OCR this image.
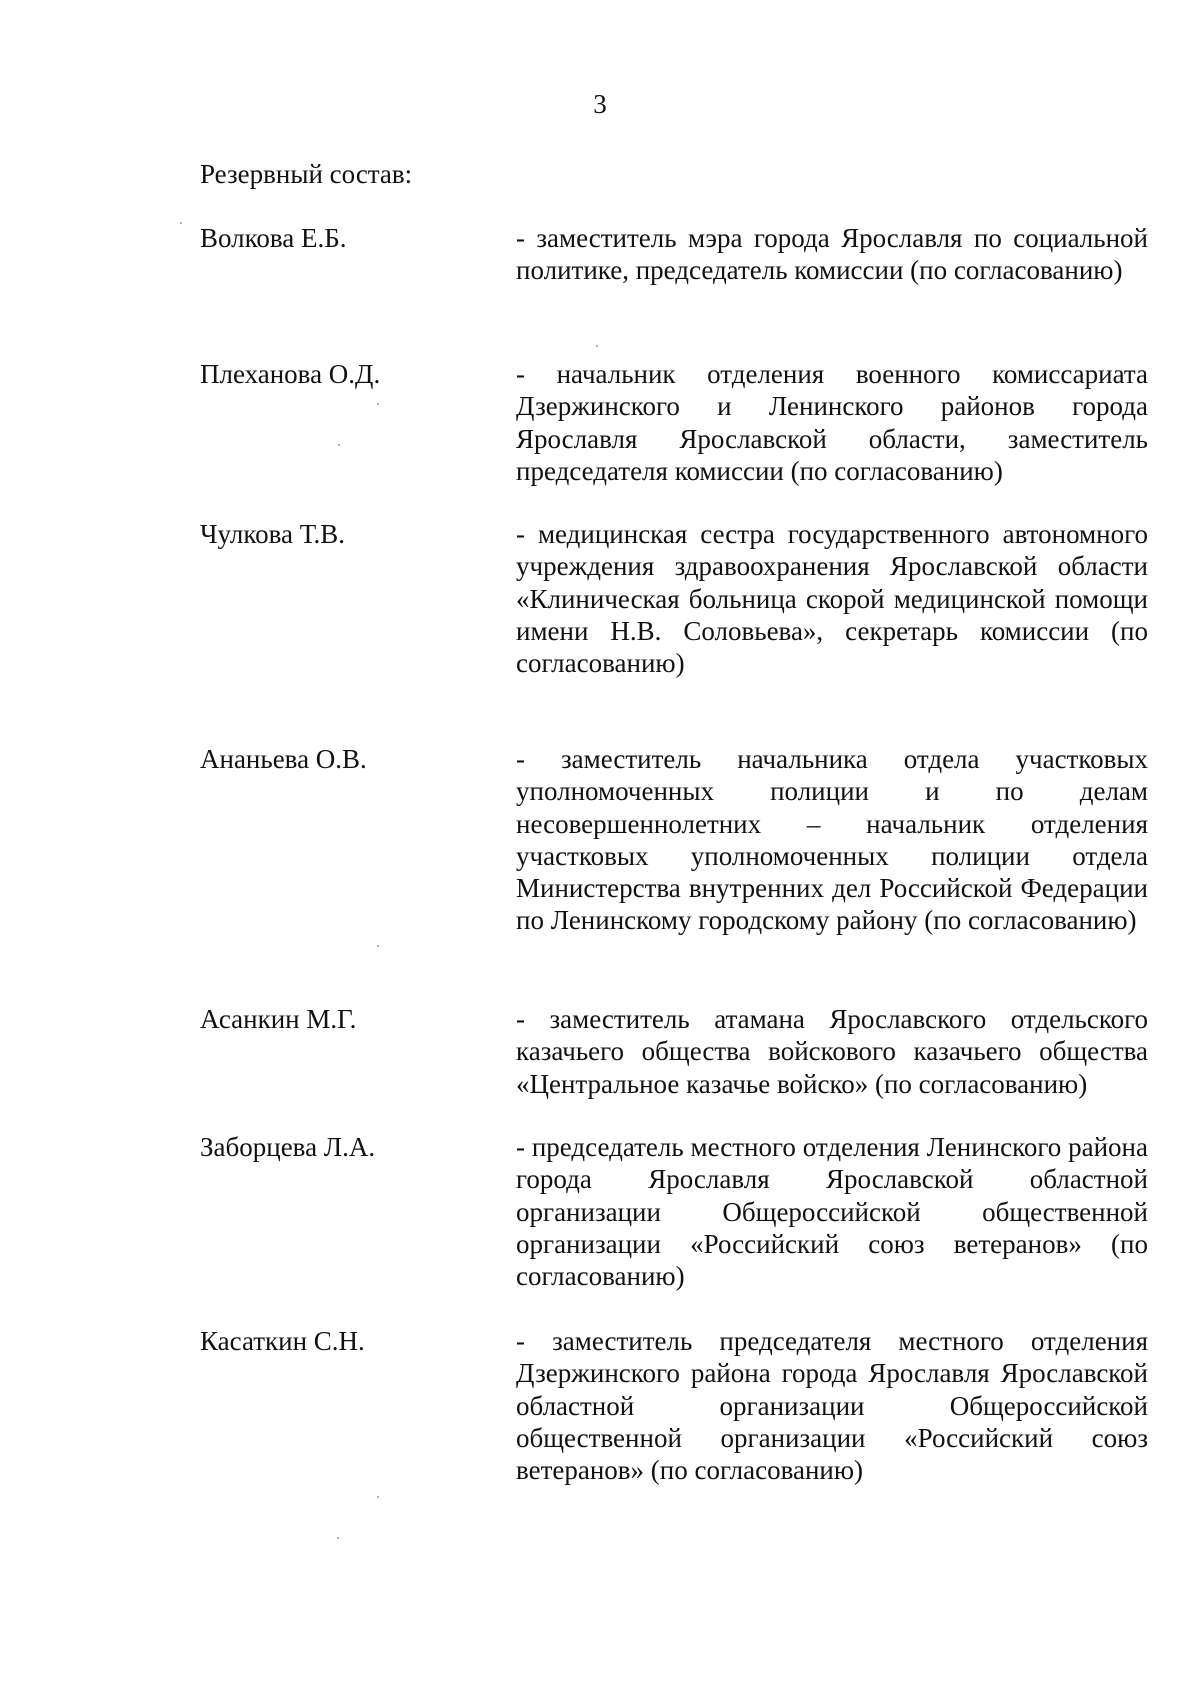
3
Резервный состав:
Волкова Е.Б.	- заместитель мэра города Ярославля по социальной политике, председатель комиссии (по согласованию)
Плеханова О.Д.	- начальник отделения военного комиссариата Дзержинского и Ленинского районов города Ярославля Ярославской области, заместитель председателя комиссии (по согласованию)
Чулкова Т.В.	- медицинская сестра государственного автономного учреждения здравоохранения Ярославской области «Клиническая больница скорой медицинской помощи имени Н.В. Соловьева», секретарь комиссии (по согласованию)
Ананьева О.В.	- заместитель начальника отдела участковых уполномоченных полиции и по делам несовершеннолетних – начальник отделения участковых уполномоченных полиции отдела Министерства внутренних дел Российской Федерации по Ленинскому городскому району (по согласованию)
Асанкин М.Г.	- заместитель атамана Ярославского отдельского казачьего общества войскового казачьего общества «Центральное казачье войско» (по согласованию)
Заборцева Л.А.	- председатель местного отделения Ленинского района города Ярославля Ярославской областной организации Общероссийской общественной организации «Российский союз ветеранов» (по согласованию)
Касаткин С.Н.	- заместитель председателя местного отделения Дзержинского района города Ярославля Ярославской областной организации Общероссийской общественной организации «Российский союз ветеранов» (по согласованию)
